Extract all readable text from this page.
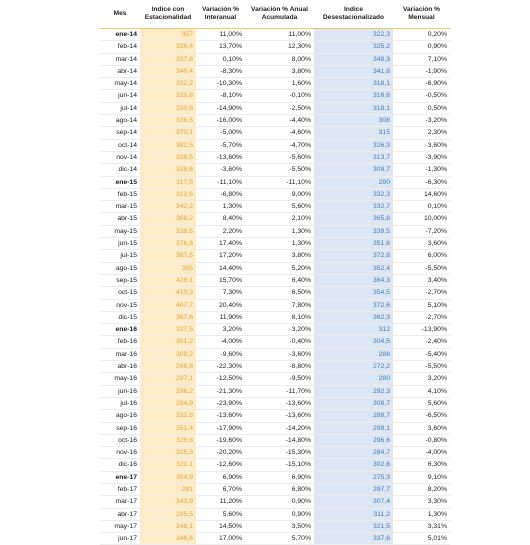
Mes	Indice con Estacionalidad	Variación % Interanual	Variación % Anual Acumulada	Indice Desestacionalizado	Variación % Mensual
ene-14	357	11,00%	11,00%	322,3	0,20%
feb-14	336,4	13,70%	12,30%	325,2	0,90%
mar-14	337,8	0,10%	8,00%	348,3	7,10%
abr-14	340,4	-8,30%	3,80%	341,8	-1,90%
may-14	332,2	-10,30%	1,60%	318,1	-6,90%
jun-14	320,8	-8,10%	-0,10%	316,6	-0,50%
jul-14	330,6	-14,90%	-2,50%	318,1	0,50%
ago-14	336,5	-16,00%	-4,40%	308	-3,20%
sep-14	370,1	-5,00%	-4,60%	315	2,30%
oct-14	382,5	-5,70%	-4,70%	326,3	3,60%
nov-14	338,5	-13,60%	-5,60%	313,7	-3,90%
dic-14	328,6	-3,60%	-5,50%	309,7	-1,30%
ene-15	317,5	-11,10%	-11,10%	290	-6,30%
feb-15	313,6	-6,80%	9,00%	332,3	14,60%
mar-15	342,2	1,30%	5,60%	332,7	0,10%
abr-15	368,2	8,40%	2,10%	365,8	10,00%
may-15	339,5	2,20%	1,30%	339,5	-7,20%
jun-15	376,6	17,40%	1,30%	351,6	3,60%
jul-15	387,5	17,20%	3,80%	372,8	6,00%
ago-15	385	14,40%	5,20%	352,4	-5,50%
sep-15	428,1	15,70%	6,40%	364,3	3,40%
oct-15	410,3	7,30%	6,50%	354,5	-2,70%
nov-15	407,7	20,40%	7,80%	372,6	5,10%
dic-15	367,6	11,90%	8,10%	362,3	-2,70%
ene-16	327,5	3,20%	3,20%	312	-13,90%
feb-16	301,2	-4,00%	-0,40%	304,5	-2,40%
mar-16	309,2	-9,60%	-3,60%	288	-5,40%
abr-16	286,8	-22,30%	-8,80%	272,2	-5,50%
may-16	297,1	-12,50%	-9,50%	280	3,20%
jun-16	296,2	-21,30%	-11,70%	292,3	4,10%
jul-16	294,9	-23,90%	-13,60%	308,7	5,60%
ago-16	332,8	-13,60%	-13,60%	288,7	-6,50%
sep-16	351,4	-17,90%	-14,20%	299,1	3,60%
oct-16	329,8	-19,60%	-14,80%	296,6	-0,80%
nov-16	325,3	-20,20%	-15,30%	284,7	-4,00%
dic-16	321,1	-12,60%	-15,10%	302,6	6,30%
ene-17	304,9	6,90%	6,90%	275,3	9,10%
feb-17	281	6,70%	6,80%	297,7	8,20%
mar-17	343,9	11,20%	0,90%	307,4	3,30%
abr-17	285,5	5,60%	0,90%	311,2	1,30%
may-17	348,1	14,50%	3,50%	321,5	3,31%
jun-17	346,6	17,00%	5,70%	337,6	5,01%
